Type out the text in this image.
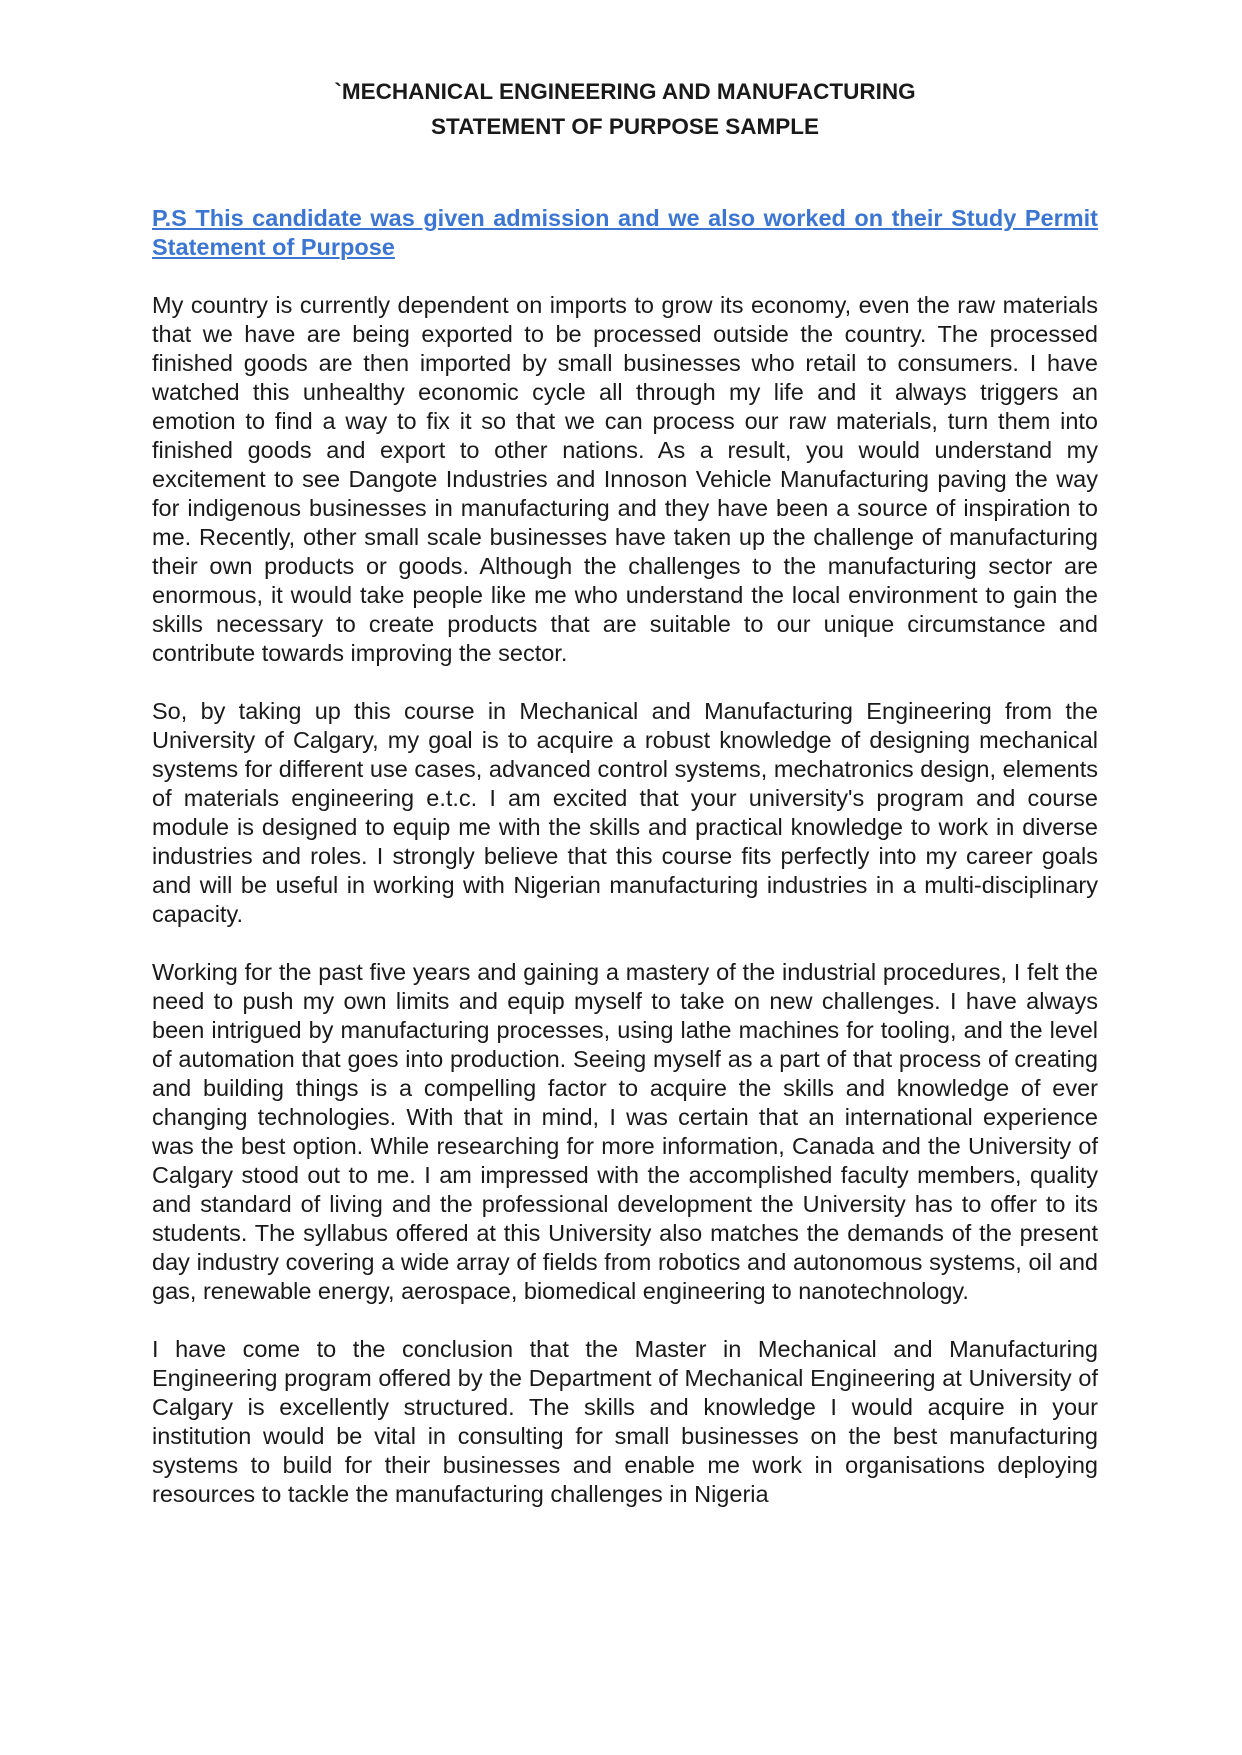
`MECHANICAL ENGINEERING AND MANUFACTURING
STATEMENT OF PURPOSE SAMPLE

P.S This candidate was given admission and we also worked on their Study Permit Statement of Purpose

My country is currently dependent on imports to grow its economy, even the raw materials that we have are being exported to be processed outside the country. The processed finished goods are then imported by small businesses who retail to consumers. I have watched this unhealthy economic cycle all through my life and it always triggers an emotion to find a way to fix it so that we can process our raw materials, turn them into finished goods and export to other nations. As a result, you would understand my excitement to see Dangote Industries and Innoson Vehicle Manufacturing paving the way for indigenous businesses in manufacturing and they have been a source of inspiration to me. Recently, other small scale businesses have taken up the challenge of manufacturing their own products or goods. Although the challenges to the manufacturing sector are enormous, it would take people like me who understand the local environment to gain the skills necessary to create products that are suitable to our unique circumstance and contribute towards improving the sector.

So, by taking up this course in Mechanical and Manufacturing Engineering from the University of Calgary, my goal is to acquire a robust knowledge of designing mechanical systems for different use cases, advanced control systems, mechatronics design, elements of materials engineering e.t.c. I am excited that your university's program and course module is designed to equip me with the skills and practical knowledge to work in diverse industries and roles. I strongly believe that this course fits perfectly into my career goals and will be useful in working with Nigerian manufacturing industries in a multi-disciplinary capacity.

Working for the past five years and gaining a mastery of the industrial procedures, I felt the need to push my own limits and equip myself to take on new challenges. I have always been intrigued by manufacturing processes, using lathe machines for tooling, and the level of automation that goes into production. Seeing myself as a part of that process of creating and building things is a compelling factor to acquire the skills and knowledge of ever changing technologies. With that in mind, I was certain that an international experience was the best option. While researching for more information, Canada and the University of Calgary stood out to me. I am impressed with the accomplished faculty members, quality and standard of living and the professional development the University has to offer to its students. The syllabus offered at this University also matches the demands of the present day industry covering a wide array of fields from robotics and autonomous systems, oil and gas, renewable energy, aerospace, biomedical engineering to nanotechnology.

I have come to the conclusion that the Master in Mechanical and Manufacturing Engineering program offered by the Department of Mechanical Engineering at University of Calgary is excellently structured. The skills and knowledge I would acquire in your institution would be vital in consulting for small businesses on the best manufacturing systems to build for their businesses and enable me work in organisations deploying resources to tackle the manufacturing challenges in Nigeria
